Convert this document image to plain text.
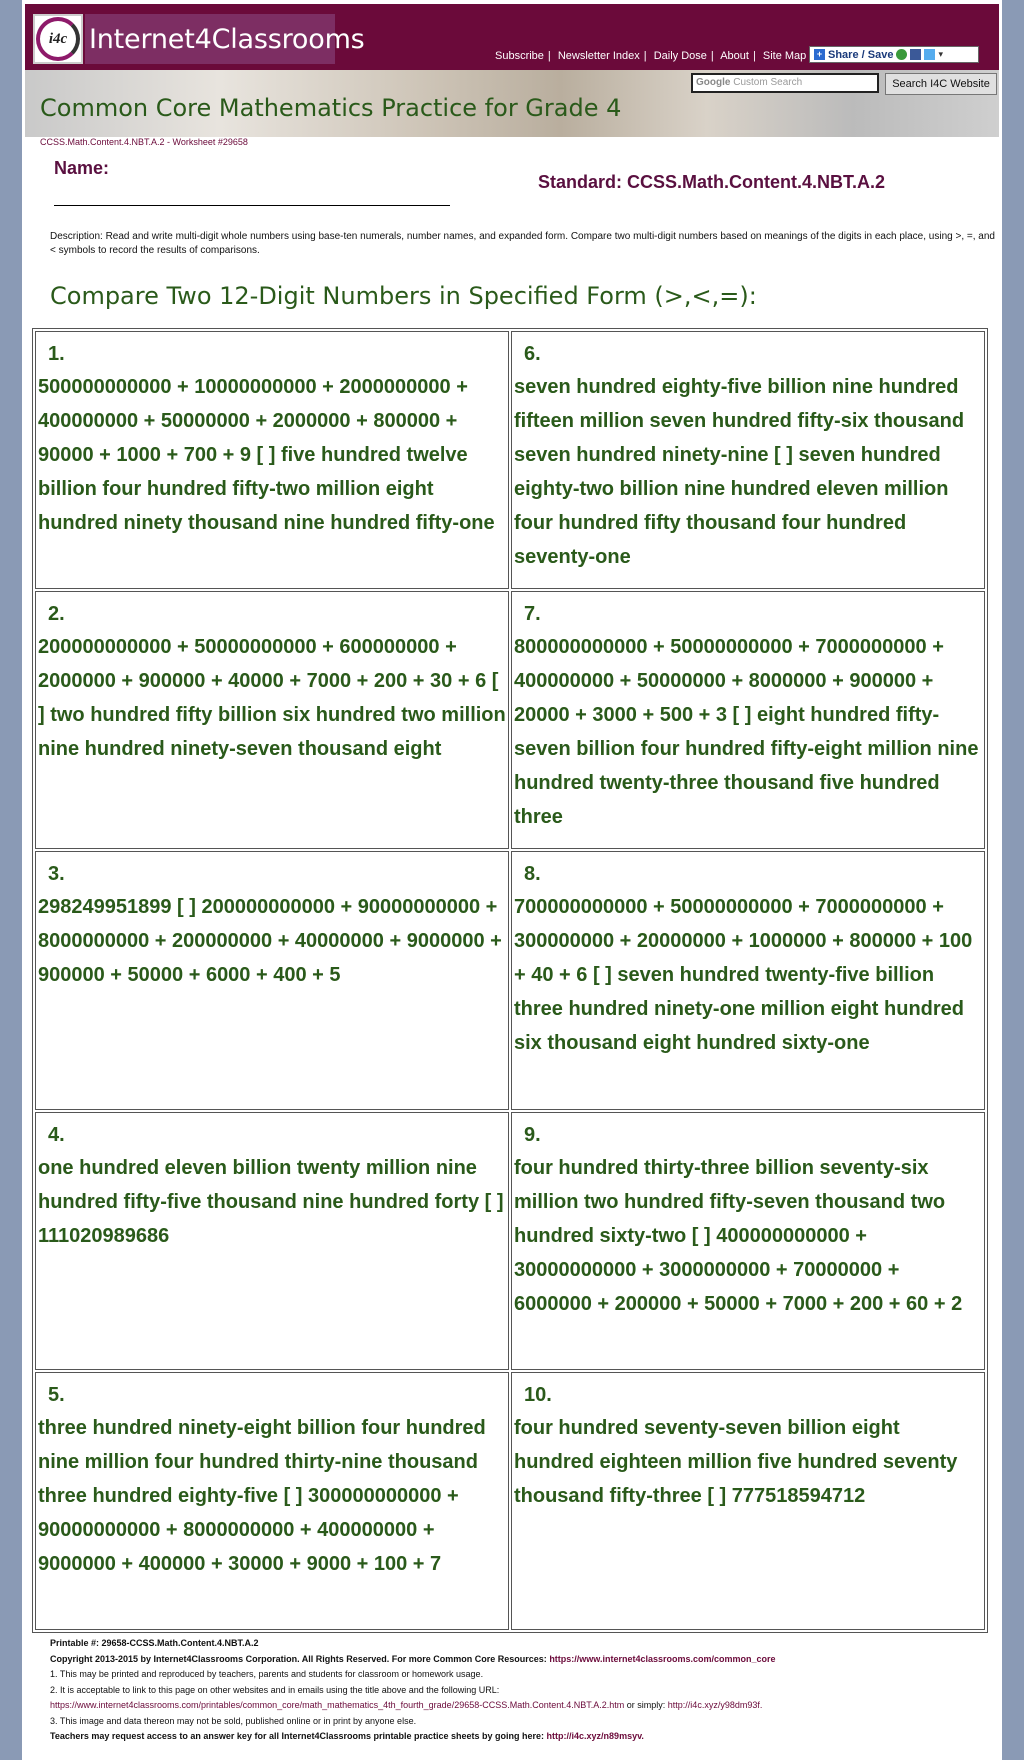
i4c Internet4Classrooms
Subscribe | Newsletter Index | Daily Dose | About | Site Map	+ Share / Save	▾
Google Custom Search	Search I4C Website
Common Core Mathematics Practice for Grade 4
CCSS.Math.Content.4.NBT.A.2 - Worksheet #29658
Name:
Standard: CCSS.Math.Content.4.NBT.A.2
Description: Read and write multi-digit whole numbers using base-ten numerals, number names, and expanded form. Compare two multi-digit numbers based on meanings of the digits in each place, using >, =, and < symbols to record the results of comparisons.
Compare Two 12-Digit Numbers in Specified Form (>,<,=):
1.
500000000000 + 10000000000 + 2000000000 + 400000000 + 50000000 + 2000000 + 800000 + 90000 + 1000 + 700 + 9 [ ] five hundred twelve billion four hundred fifty-two million eight hundred ninety thousand nine hundred fifty-one
6.
seven hundred eighty-five billion nine hundred fifteen million seven hundred fifty-six thousand seven hundred ninety-nine [ ] seven hundred eighty-two billion nine hundred eleven million four hundred fifty thousand four hundred seventy-one
2.
200000000000 + 50000000000 + 600000000 + 2000000 + 900000 + 40000 + 7000 + 200 + 30 + 6 [ ] two hundred fifty billion six hundred two million nine hundred ninety-seven thousand eight
7.
800000000000 + 50000000000 + 7000000000 + 400000000 + 50000000 + 8000000 + 900000 + 20000 + 3000 + 500 + 3 [ ] eight hundred fifty-seven billion four hundred fifty-eight million nine hundred twenty-three thousand five hundred three
3.
298249951899 [ ] 200000000000 + 90000000000 + 8000000000 + 200000000 + 40000000 + 9000000 + 900000 + 50000 + 6000 + 400 + 5
8.
700000000000 + 50000000000 + 7000000000 + 300000000 + 20000000 + 1000000 + 800000 + 100 + 40 + 6 [ ] seven hundred twenty-five billion three hundred ninety-one million eight hundred six thousand eight hundred sixty-one
4.
one hundred eleven billion twenty million nine hundred fifty-five thousand nine hundred forty [ ] 111020989686
9.
four hundred thirty-three billion seventy-six million two hundred fifty-seven thousand two hundred sixty-two [ ] 400000000000 + 30000000000 + 3000000000 + 70000000 + 6000000 + 200000 + 50000 + 7000 + 200 + 60 + 2
5.
three hundred ninety-eight billion four hundred nine million four hundred thirty-nine thousand three hundred eighty-five [ ] 300000000000 + 90000000000 + 8000000000 + 400000000 + 9000000 + 400000 + 30000 + 9000 + 100 + 7
10.
four hundred seventy-seven billion eight hundred eighteen million five hundred seventy thousand fifty-three [ ] 777518594712
Printable #: 29658-CCSS.Math.Content.4.NBT.A.2
Copyright 2013-2015 by Internet4Classrooms Corporation. All Rights Reserved. For more Common Core Resources: https://www.internet4classrooms.com/common_core
1. This may be printed and reproduced by teachers, parents and students for classroom or homework usage.
2. It is acceptable to link to this page on other websites and in emails using the title above and the following URL:
https://www.internet4classrooms.com/printables/common_core/math_mathematics_4th_fourth_grade/29658-CCSS.Math.Content.4.NBT.A.2.htm or simply: http://i4c.xyz/y98dm93f.
3. This image and data thereon may not be sold, published online or in print by anyone else.
Teachers may request access to an answer key for all Internet4Classrooms printable practice sheets by going here: http://i4c.xyz/n89msyv.
